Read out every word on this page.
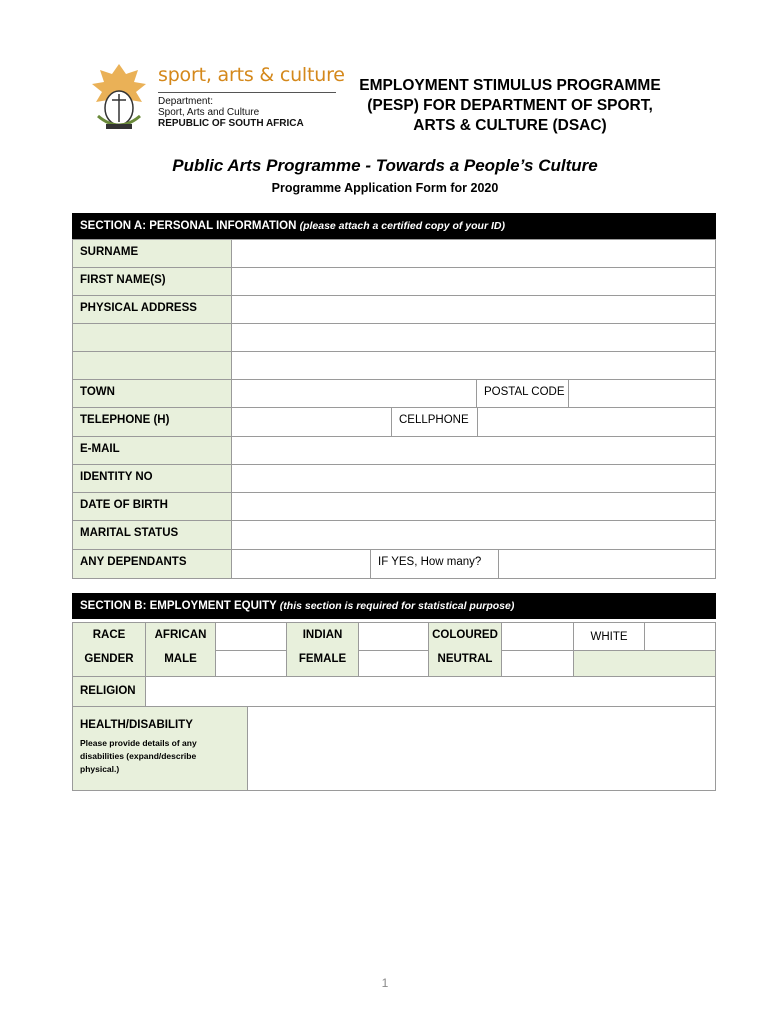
sport, arts & culture
Department:
Sport, Arts and Culture
REPUBLIC OF SOUTH AFRICA
EMPLOYMENT STIMULUS PROGRAMME
(PESP) FOR DEPARTMENT OF SPORT,
ARTS & CULTURE (DSAC)
Public Arts Programme - Towards a People’s Culture
Programme Application Form for 2020
SECTION A: PERSONAL INFORMATION (please attach a certified copy of your ID)
SURNAME
FIRST NAME(S)
PHYSICAL ADDRESS
TOWN	POSTAL CODE
TELEPHONE (H)	CELLPHONE
E-MAIL
IDENTITY NO
DATE OF BIRTH
MARITAL STATUS
ANY DEPENDANTS	IF YES, How many?
SECTION B: EMPLOYMENT EQUITY (this section is required for statistical purpose)
RACE	AFRICAN	INDIAN	COLOURED	WHITE
GENDER	MALE	FEMALE	NEUTRAL
RELIGION
HEALTH/DISABILITY
Please provide details of any disabilities (expand/describe physical.)
1
